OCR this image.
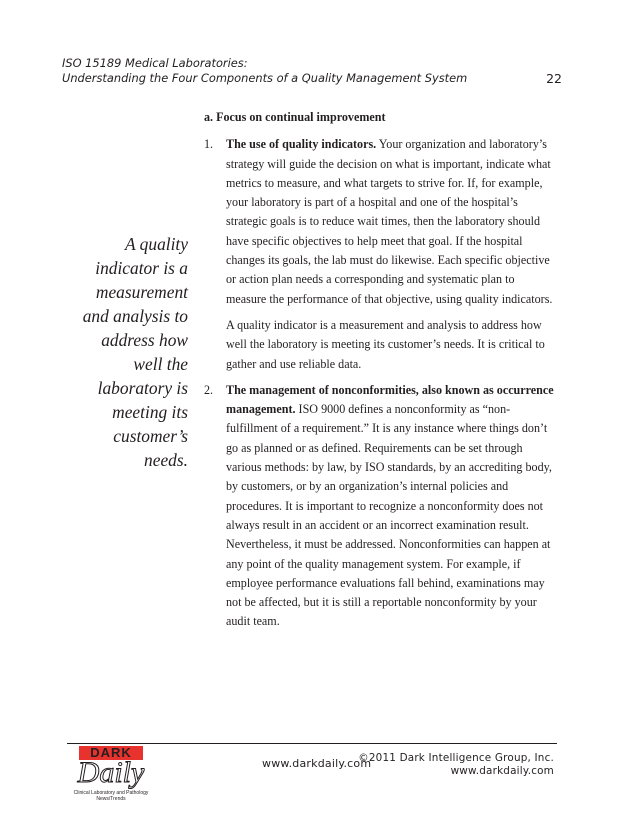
ISO 15189 Medical Laboratories:
Understanding the Four Components of a Quality Management System	22
A quality indicator is a measurement and analysis to address how well the laboratory is meeting its customer’s needs.
a. Focus on continual improvement
1. The use of quality indicators. Your organization and laboratory’s strategy will guide the decision on what is important, indicate what metrics to measure, and what targets to strive for. If, for example, your laboratory is part of a hospital and one of the hospital’s strategic goals is to reduce wait times, then the laboratory should have specific objectives to help meet that goal. If the hospital changes its goals, the lab must do likewise. Each specific objective or action plan needs a corresponding and systematic plan to measure the performance of that objective, using quality indicators.

A quality indicator is a measurement and analysis to address how well the laboratory is meeting its customer’s needs. It is critical to gather and use reliable data.

2. The management of nonconformities, also known as occurrence management. ISO 9000 defines a nonconformity as “non-fulfillment of a requirement.” It is any instance where things don’t go as planned or as defined. Requirements can be set through various methods: by law, by ISO standards, by an accrediting body, by customers, or by an organization’s internal policies and procedures. It is important to recognize a nonconformity does not always result in an accident or an incorrect examination result. Nevertheless, it must be addressed. Nonconformities can happen at any point of the quality management system. For example, if employee performance evaluations fall behind, examinations may not be affected, but it is still a reportable nonconformity by your audit team.

DARK
Daily
Clinical Laboratory and Pathology News/Trends
www.darkdaily.com
©2011 Dark Intelligence Group, Inc.
www.darkdaily.com
